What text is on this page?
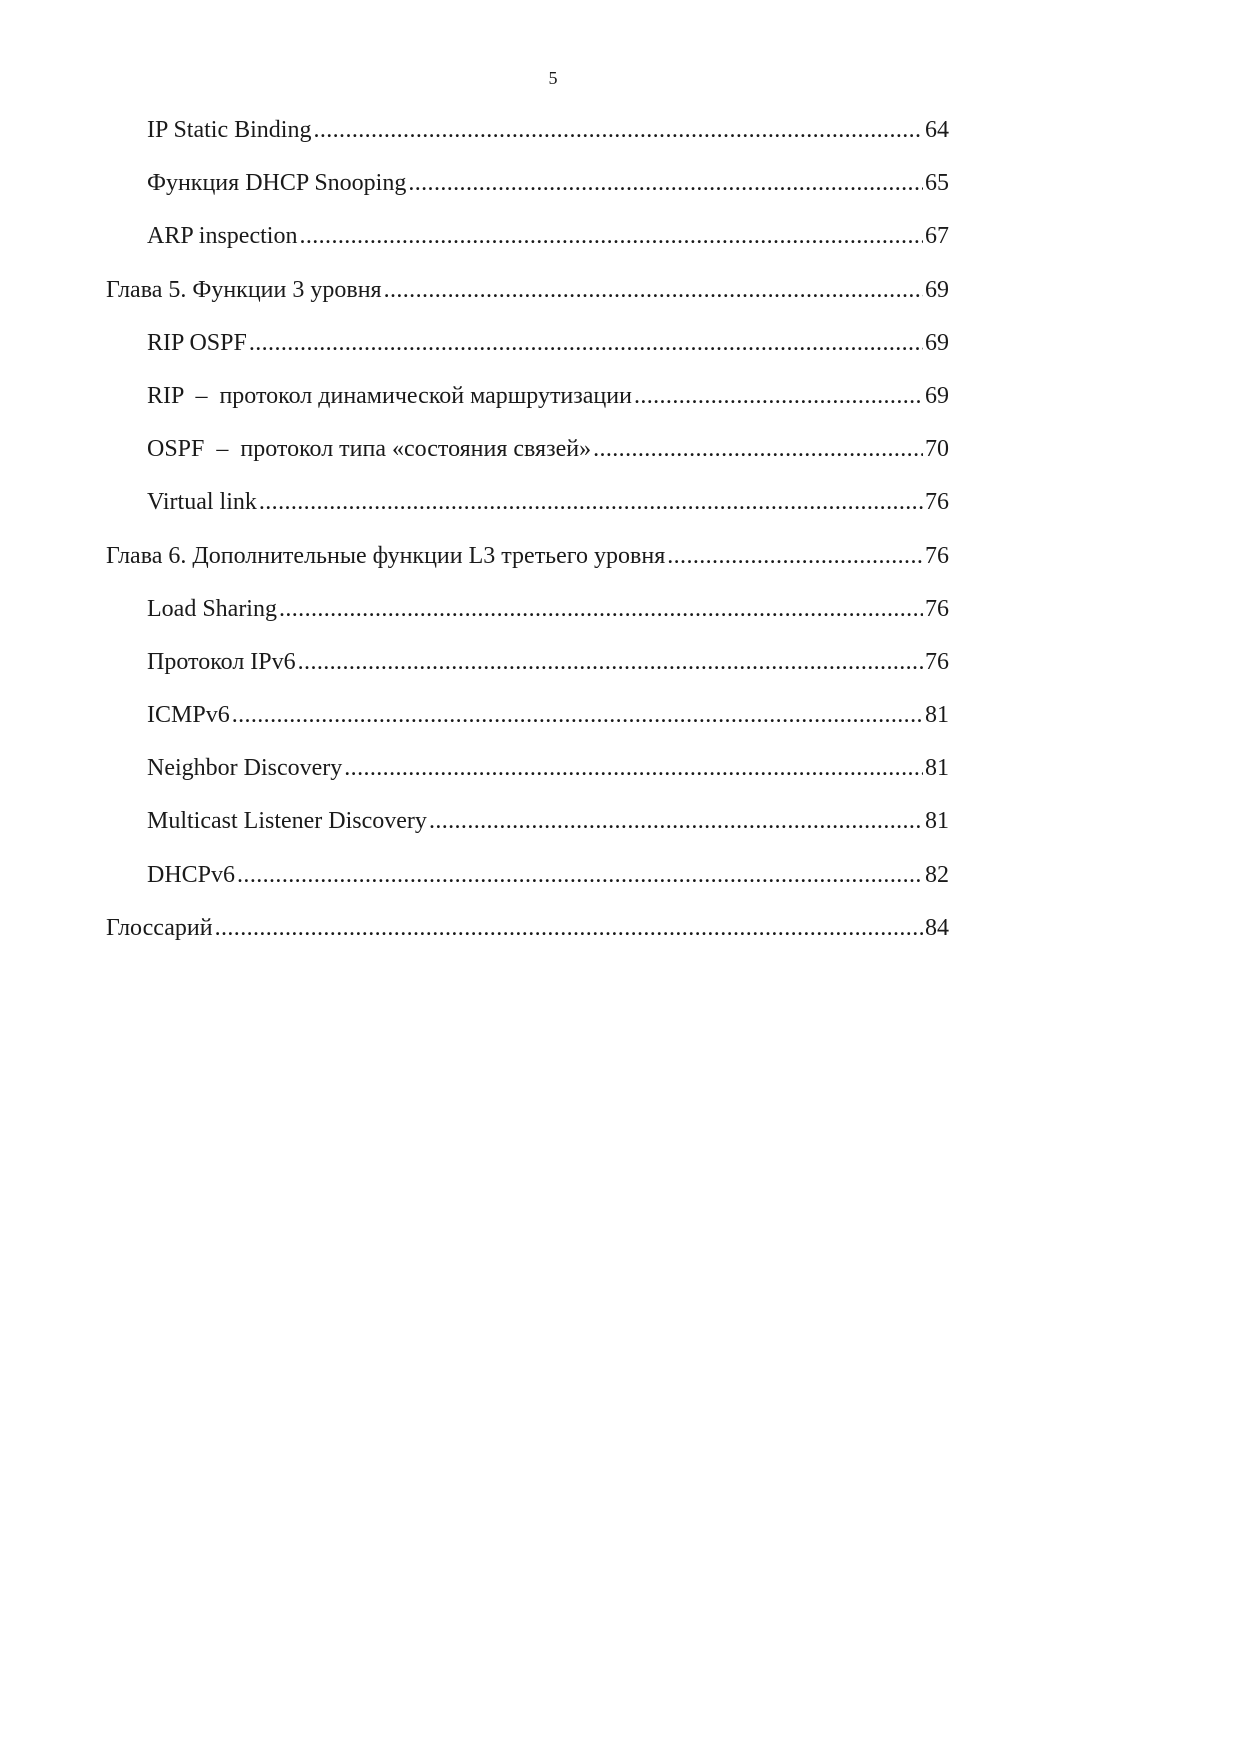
5
IP Static Binding .....	64
Функция DHCP Snooping .....	65
ARP inspection .....	67
Глава 5. Функции 3 уровня .....	69
RIP OSPF .....	69
RIP  –  протокол динамической маршрутизации .....	69
OSPF  –  протокол типа «состояния связей» .....	70
Virtual link .....	76
Глава 6. Дополнительные функции L3 третьего уровня .....	76
Load Sharing .....	76
Протокол IPv6 .....	76
ICMPv6 .....	81
Neighbor Discovery .....	81
Multicast Listener Discovery .....	81
DHCPv6 .....	82
Глоссарий .....	84
